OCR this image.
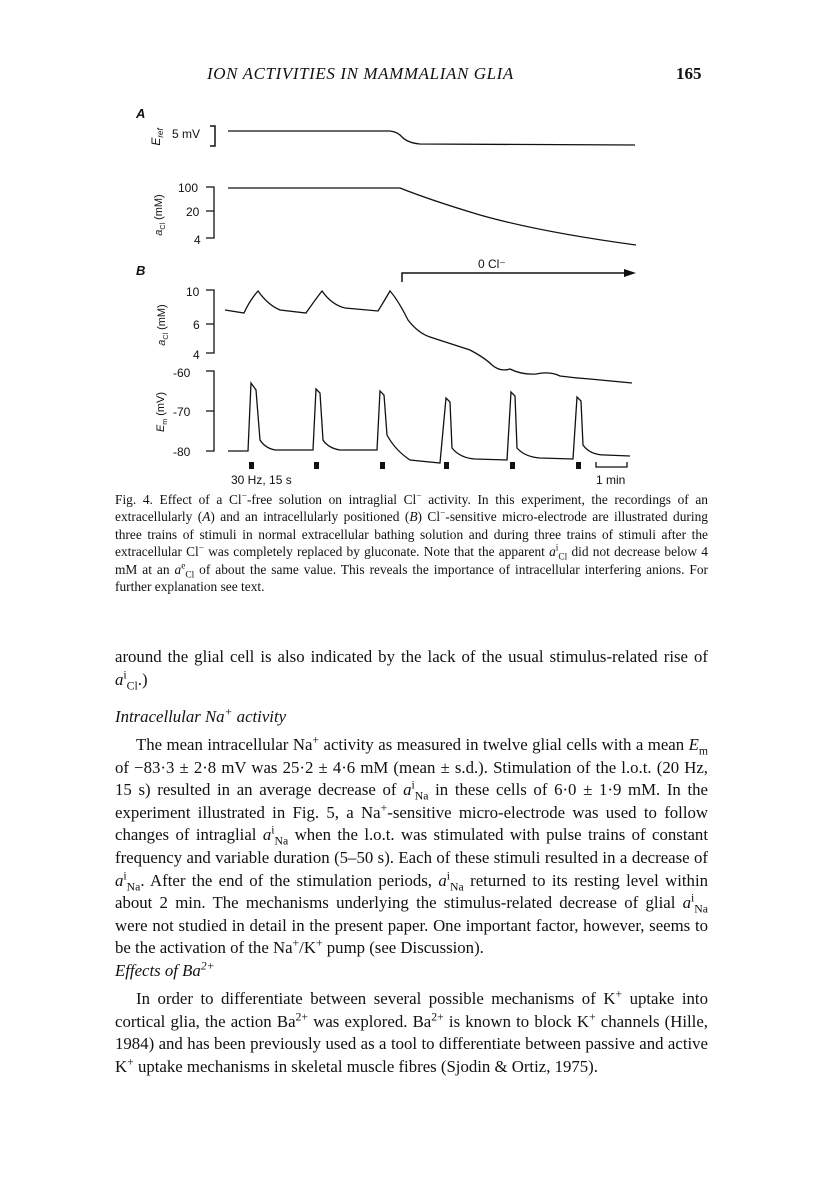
ION ACTIVITIES IN MAMMALIAN GLIA	165
A
B
$E_{ref}$ 5 mV
$a_{Cl}$ (mM)
100
20
4
0 Cl⁻
$a_{Cl}$ (mM)
10
6
4
$E_m$ (mV)
-60
-70
-80
30 Hz, 15 s	1 min
Fig. 4. Effect of a Cl−-free solution on intraglial Cl− activity. In this experiment, the recordings of an extracellularly (A) and an intracellularly positioned (B) Cl−-sensitive micro-electrode are illustrated during three trains of stimuli in normal extracellular bathing solution and during three trains of stimuli after the extracellular Cl− was completely replaced by gluconate. Note that the apparent $a^i_{Cl}$ did not decrease below 4 mM at an $a^e_{Cl}$ of about the same value. This reveals the importance of intracellular interfering anions. For further explanation see text.

around the glial cell is also indicated by the lack of the usual stimulus-related rise of $a^i_{Cl}$.)

Intracellular Na+ activity

The mean intracellular Na+ activity as measured in twelve glial cells with a mean $E_m$ of −83·3 ± 2·8 mV was 25·2 ± 4·6 mM (mean ± s.d.). Stimulation of the l.o.t. (20 Hz, 15 s) resulted in an average decrease of $a^i_{Na}$ in these cells of 6·0 ± 1·9 mM. In the experiment illustrated in Fig. 5, a Na+-sensitive micro-electrode was used to follow changes of intraglial $a^i_{Na}$ when the l.o.t. was stimulated with pulse trains of constant frequency and variable duration (5–50 s). Each of these stimuli resulted in a decrease of $a^i_{Na}$. After the end of the stimulation periods, $a^i_{Na}$ returned to its resting level within about 2 min. The mechanisms underlying the stimulus-related decrease of glial $a^i_{Na}$ were not studied in detail in the present paper. One important factor, however, seems to be the activation of the Na+/K+ pump (see Discussion).

Effects of $Ba^{2+}$

In order to differentiate between several possible mechanisms of K+ uptake into cortical glia, the action $Ba^{2+}$ was explored. $Ba^{2+}$ is known to block K+ channels (Hille, 1984) and has been previously used as a tool to differentiate between passive and active K+ uptake mechanisms in skeletal muscle fibres (Sjodin & Ortiz, 1975).
